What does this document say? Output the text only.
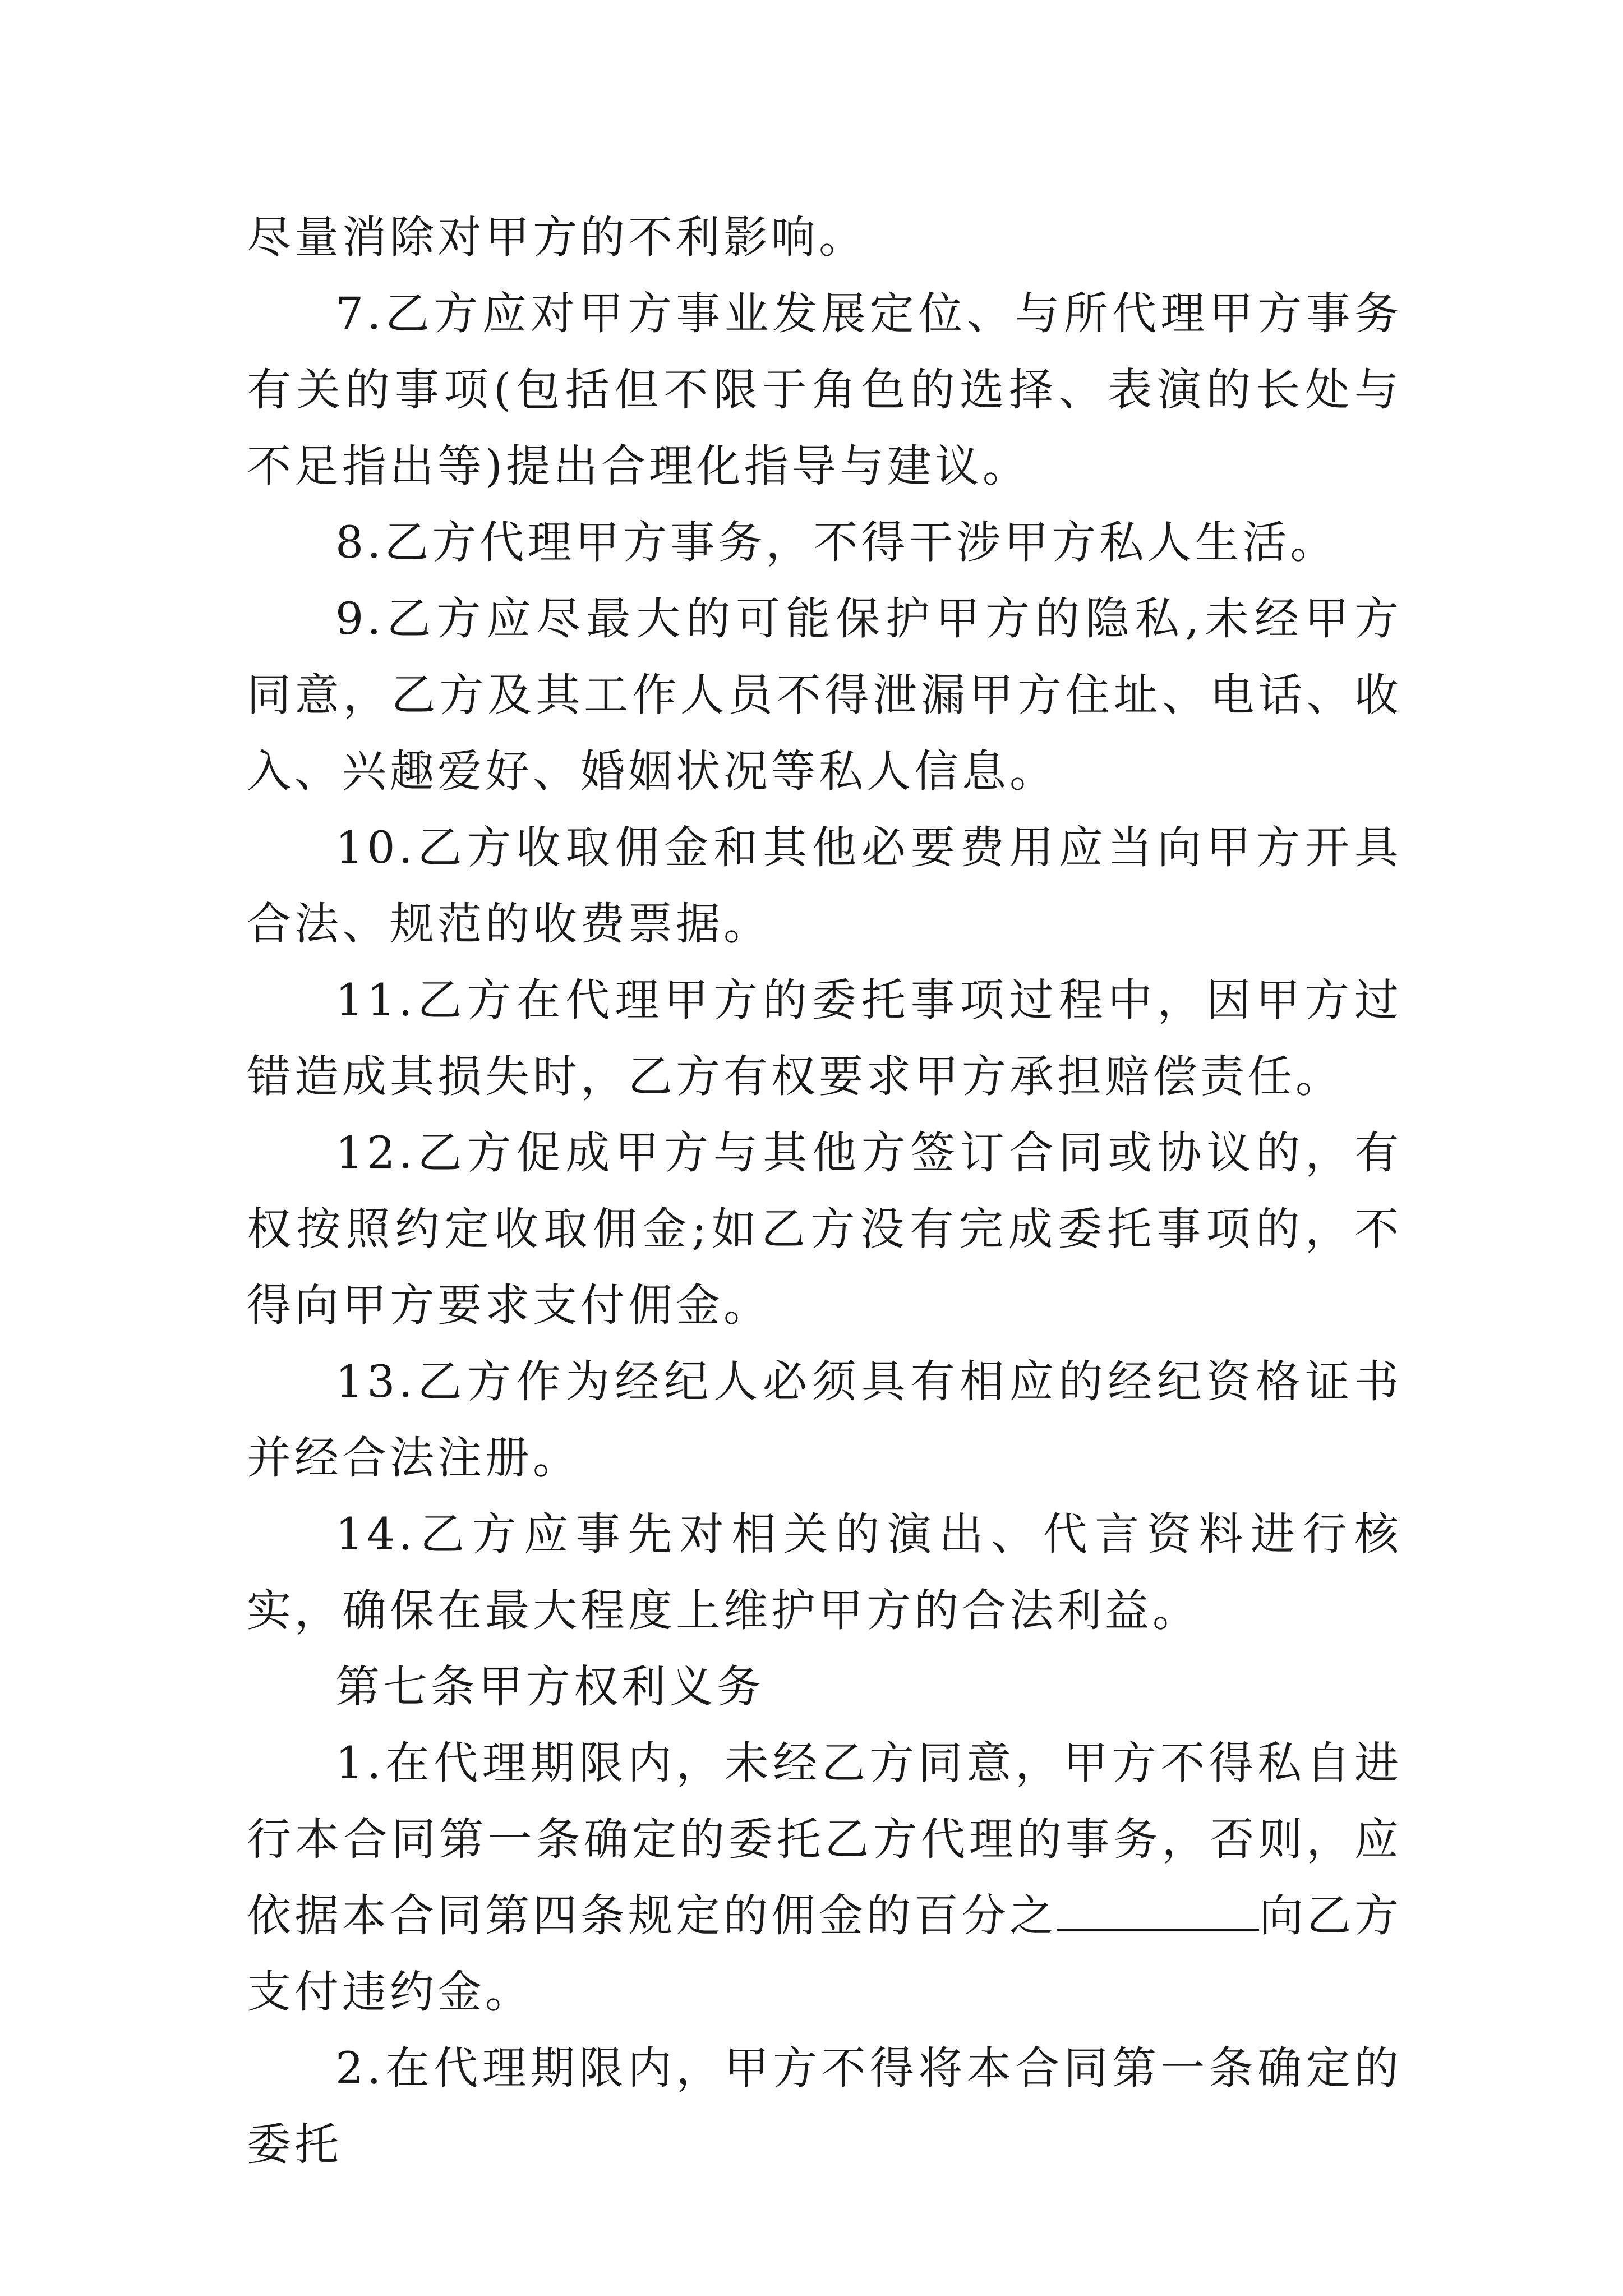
尽量消除对甲方的不利影响。

7.乙方应对甲方事业发展定位、与所代理甲方事务有关的事项(包括但不限于角色的选择、表演的长处与不足指出等)提出合理化指导与建议。

8.乙方代理甲方事务，不得干涉甲方私人生活。

9.乙方应尽最大的可能保护甲方的隐私,未经甲方同意，乙方及其工作人员不得泄漏甲方住址、电话、收入、兴趣爱好、婚姻状况等私人信息。

10.乙方收取佣金和其他必要费用应当向甲方开具合法、规范的收费票据。

11.乙方在代理甲方的委托事项过程中，因甲方过错造成其损失时，乙方有权要求甲方承担赔偿责任。

12.乙方促成甲方与其他方签订合同或协议的，有权按照约定收取佣金;如乙方没有完成委托事项的，不得向甲方要求支付佣金。

13.乙方作为经纪人必须具有相应的经纪资格证书并经合法注册。

14.乙方应事先对相关的演出、代言资料进行核实，确保在最大程度上维护甲方的合法利益。

第七条甲方权利义务

1.在代理期限内，未经乙方同意，甲方不得私自进行本合同第一条确定的委托乙方代理的事务，否则，应依据本合同第四条规定的佣金的百分之	向乙方支付违约金。

2.在代理期限内，甲方不得将本合同第一条确定的委托
